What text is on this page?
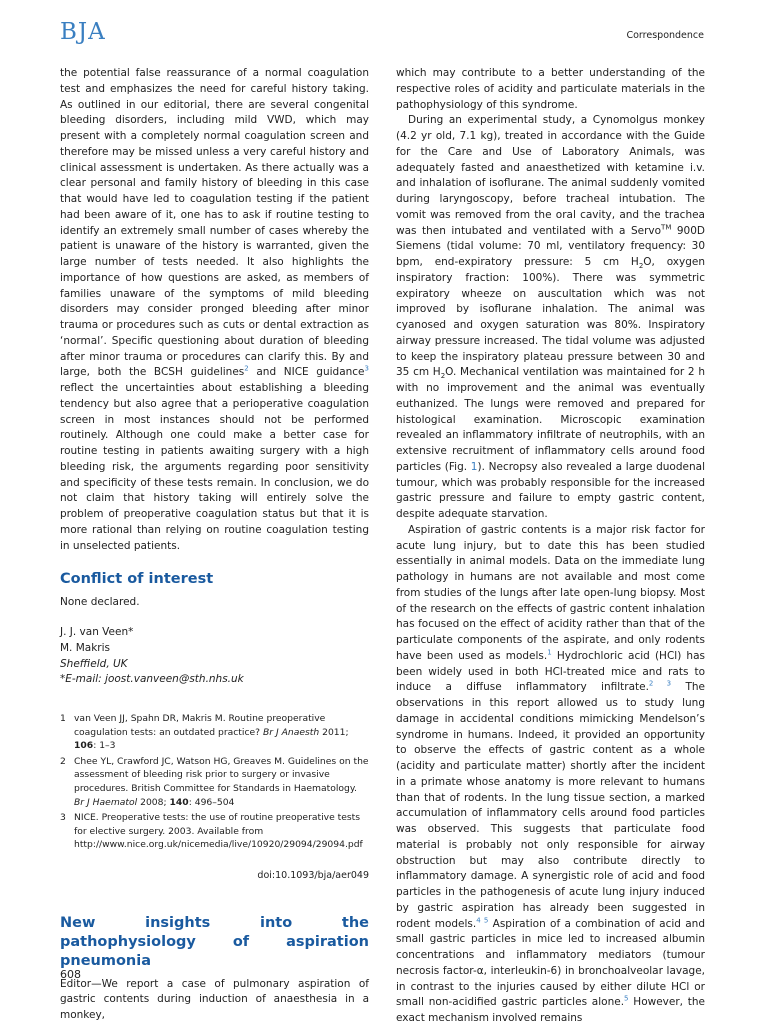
BJA	Correspondence

the potential false reassurance of a normal coagulation test and emphasizes the need for careful history taking. As outlined in our editorial, there are several congenital bleeding disorders, including mild VWD, which may present with a completely normal coagulation screen and therefore may be missed unless a very careful history and clinical assessment is undertaken. As there actually was a clear personal and family history of bleeding in this case that would have led to coagulation testing if the patient had been aware of it, one has to ask if routine testing to identify an extremely small number of cases whereby the patient is unaware of the history is warranted, given the large number of tests needed. It also highlights the importance of how questions are asked, as members of families unaware of the symptoms of mild bleeding disorders may consider pronged bleeding after minor trauma or procedures such as cuts or dental extraction as ‘normal’. Specific questioning about duration of bleeding after minor trauma or procedures can clarify this. By and large, both the BCSH guidelines$^2$ and NICE guidance$^3$ reflect the uncertainties about establishing a bleeding tendency but also agree that a perioperative coagulation screen in most instances should not be performed routinely. Although one could make a better case for routine testing in patients awaiting surgery with a high bleeding risk, the arguments regarding poor sensitivity and specificity of these tests remain. In conclusion, we do not claim that history taking will entirely solve the problem of preoperative coagulation status but that it is more rational than relying on routine coagulation testing in unselected patients.

Conflict of interest

None declared.

J. J. van Veen*
M. Makris
Sheffield, UK
*E-mail: joost.vanveen@sth.nhs.uk
1 van Veen JJ, Spahn DR, Makris M. Routine preoperative coagulation tests: an outdated practice? Br J Anaesth 2011; 106: 1–3
2 Chee YL, Crawford JC, Watson HG, Greaves M. Guidelines on the assessment of bleeding risk prior to surgery or invasive procedures. British Committee for Standards in Haematology. Br J Haematol 2008; 140: 496–504
3 NICE. Preoperative tests: the use of routine preoperative tests for elective surgery. 2003. Available from http://www.nice.org.uk/nicemedia/live/10920/29094/29094.pdf
doi:10.1093/bja/aer049
New insights into the pathophysiology of aspiration pneumonia

Editor—We report a case of pulmonary aspiration of gastric contents during induction of anaesthesia in a monkey,

which may contribute to a better understanding of the respective roles of acidity and particulate materials in the pathophysiology of this syndrome.

During an experimental study, a Cynomolgus monkey (4.2 yr old, 7.1 kg), treated in accordance with the Guide for the Care and Use of Laboratory Animals, was adequately fasted and anaesthetized with ketamine i.v. and inhalation of isoflurane. The animal suddenly vomited during laryngoscopy, before tracheal intubation. The vomit was removed from the oral cavity, and the trachea was then intubated and ventilated with a Servo™ 900D Siemens (tidal volume: 70 ml, ventilatory frequency: 30 bpm, end-expiratory pressure: 5 cm $H_2O$, oxygen inspiratory fraction: 100%). There was symmetric expiratory wheeze on auscultation which was not improved by isoflurane inhalation. The animal was cyanosed and oxygen saturation was 80%. Inspiratory airway pressure increased. The tidal volume was adjusted to keep the inspiratory plateau pressure between 30 and 35 cm $H_2O$. Mechanical ventilation was maintained for 2 h with no improvement and the animal was eventually euthanized. The lungs were removed and prepared for histological examination. Microscopic examination revealed an inflammatory infiltrate of neutrophils, with an extensive recruitment of inflammatory cells around food particles (Fig. 1). Necropsy also revealed a large duodenal tumour, which was probably responsible for the increased gastric pressure and failure to empty gastric content, despite adequate starvation.

Aspiration of gastric contents is a major risk factor for acute lung injury, but to date this has been studied essentially in animal models. Data on the immediate lung pathology in humans are not available and most come from studies of the lungs after late open-lung biopsy. Most of the research on the effects of gastric content inhalation has focused on the effect of acidity rather than that of the particulate components of the aspirate, and only rodents have been used as models.$^1$ Hydrochloric acid (HCl) has been widely used in both HCl-treated mice and rats to induce a diffuse inflammatory infiltrate.$^{2 3}$ The observations in this report allowed us to study lung damage in accidental conditions mimicking Mendelson’s syndrome in humans. Indeed, it provided an opportunity to observe the effects of gastric content as a whole (acidity and particulate matter) shortly after the incident in a primate whose anatomy is more relevant to humans than that of rodents. In the lung tissue section, a marked accumulation of inflammatory cells around food particles was observed. This suggests that particulate food material is probably not only responsible for airway obstruction but may also contribute directly to inflammatory damage. A synergistic role of acid and food particles in the pathogenesis of acute lung injury induced by gastric aspiration has already been suggested in rodent models.$^{4 5}$ Aspiration of a combination of acid and small gastric particles in mice led to increased albumin concentrations and inflammatory mediators (tumour necrosis factor-α, interleukin-6) in bronchoalveolar lavage, in contrast to the injuries caused by either dilute HCl or small non-acidified gastric particles alone.$^5$ However, the exact mechanism involved remains

608
